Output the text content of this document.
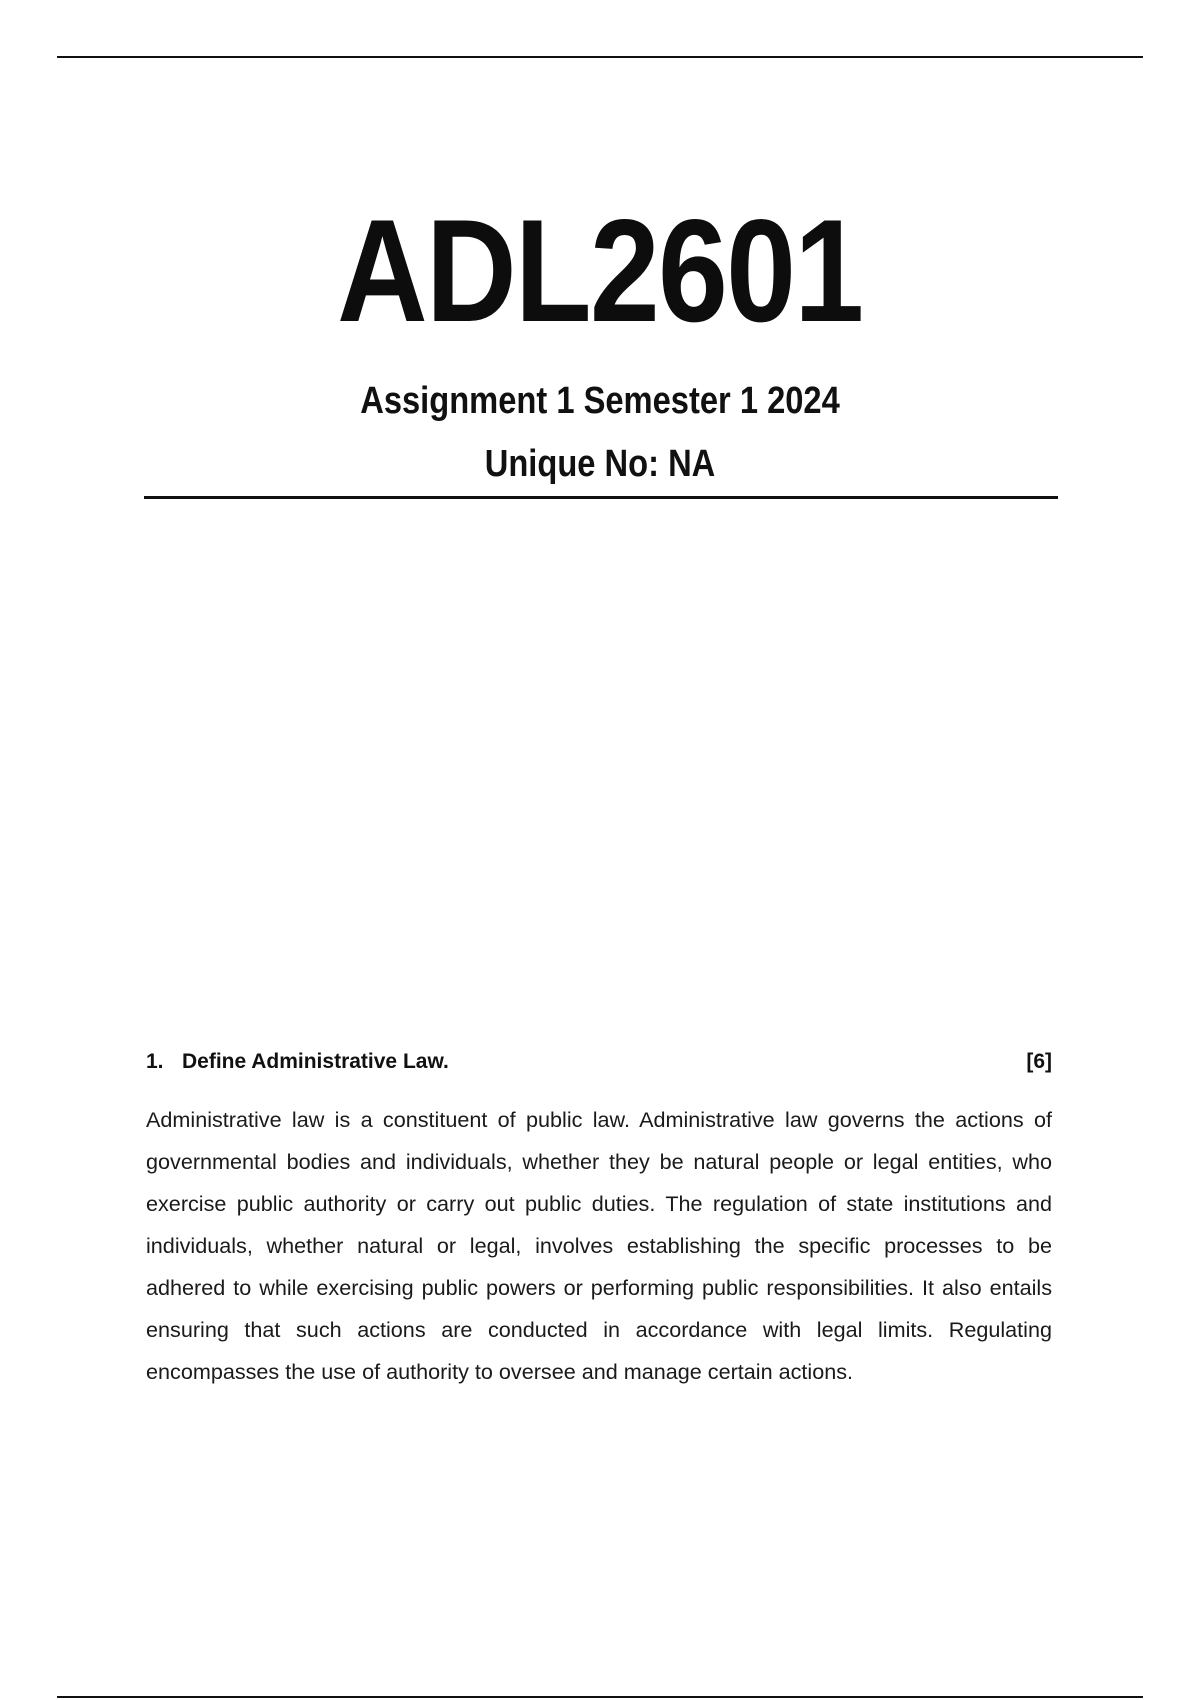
ADL2601
Assignment 1 Semester 1 2024
Unique No: NA
1. Define Administrative Law.	[6]

Administrative law is a constituent of public law. Administrative law governs the actions of governmental bodies and individuals, whether they be natural people or legal entities, who exercise public authority or carry out public duties. The regulation of state institutions and individuals, whether natural or legal, involves establishing the specific processes to be adhered to while exercising public powers or performing public responsibilities. It also entails ensuring that such actions are conducted in accordance with legal limits. Regulating encompasses the use of authority to oversee and manage certain actions.
